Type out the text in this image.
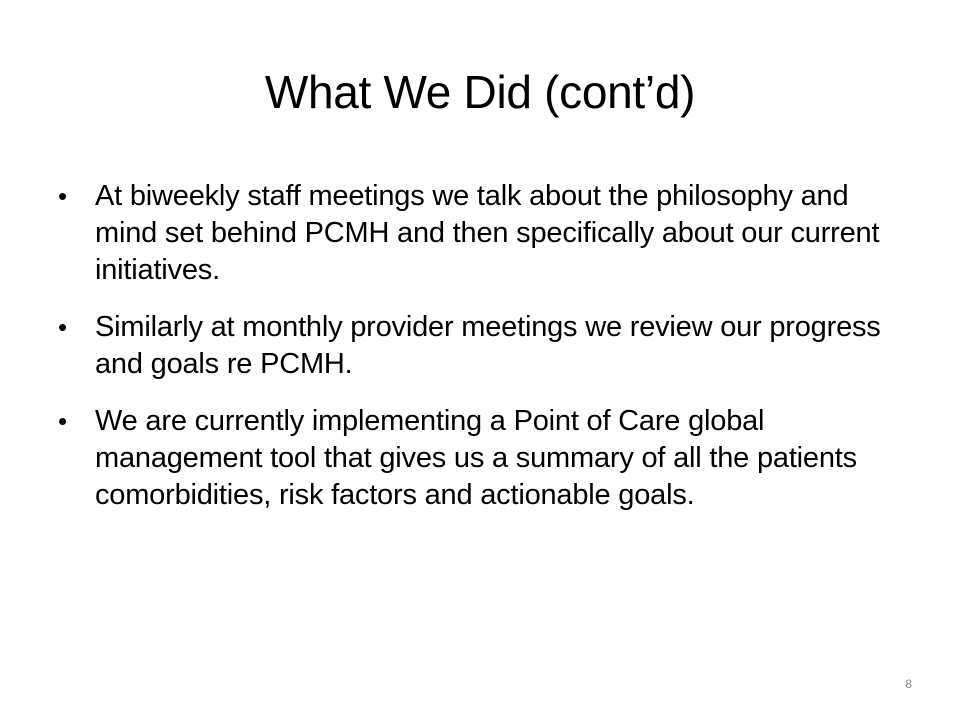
What We Did (cont’d)
• At biweekly staff meetings we talk about the philosophy and mind set behind PCMH and then specifically about our current initiatives.
• Similarly at monthly provider meetings we review our progress and goals re PCMH.
• We are currently implementing a Point of Care global management tool that gives us a summary of all the patients comorbidities, risk factors and actionable goals.
8
